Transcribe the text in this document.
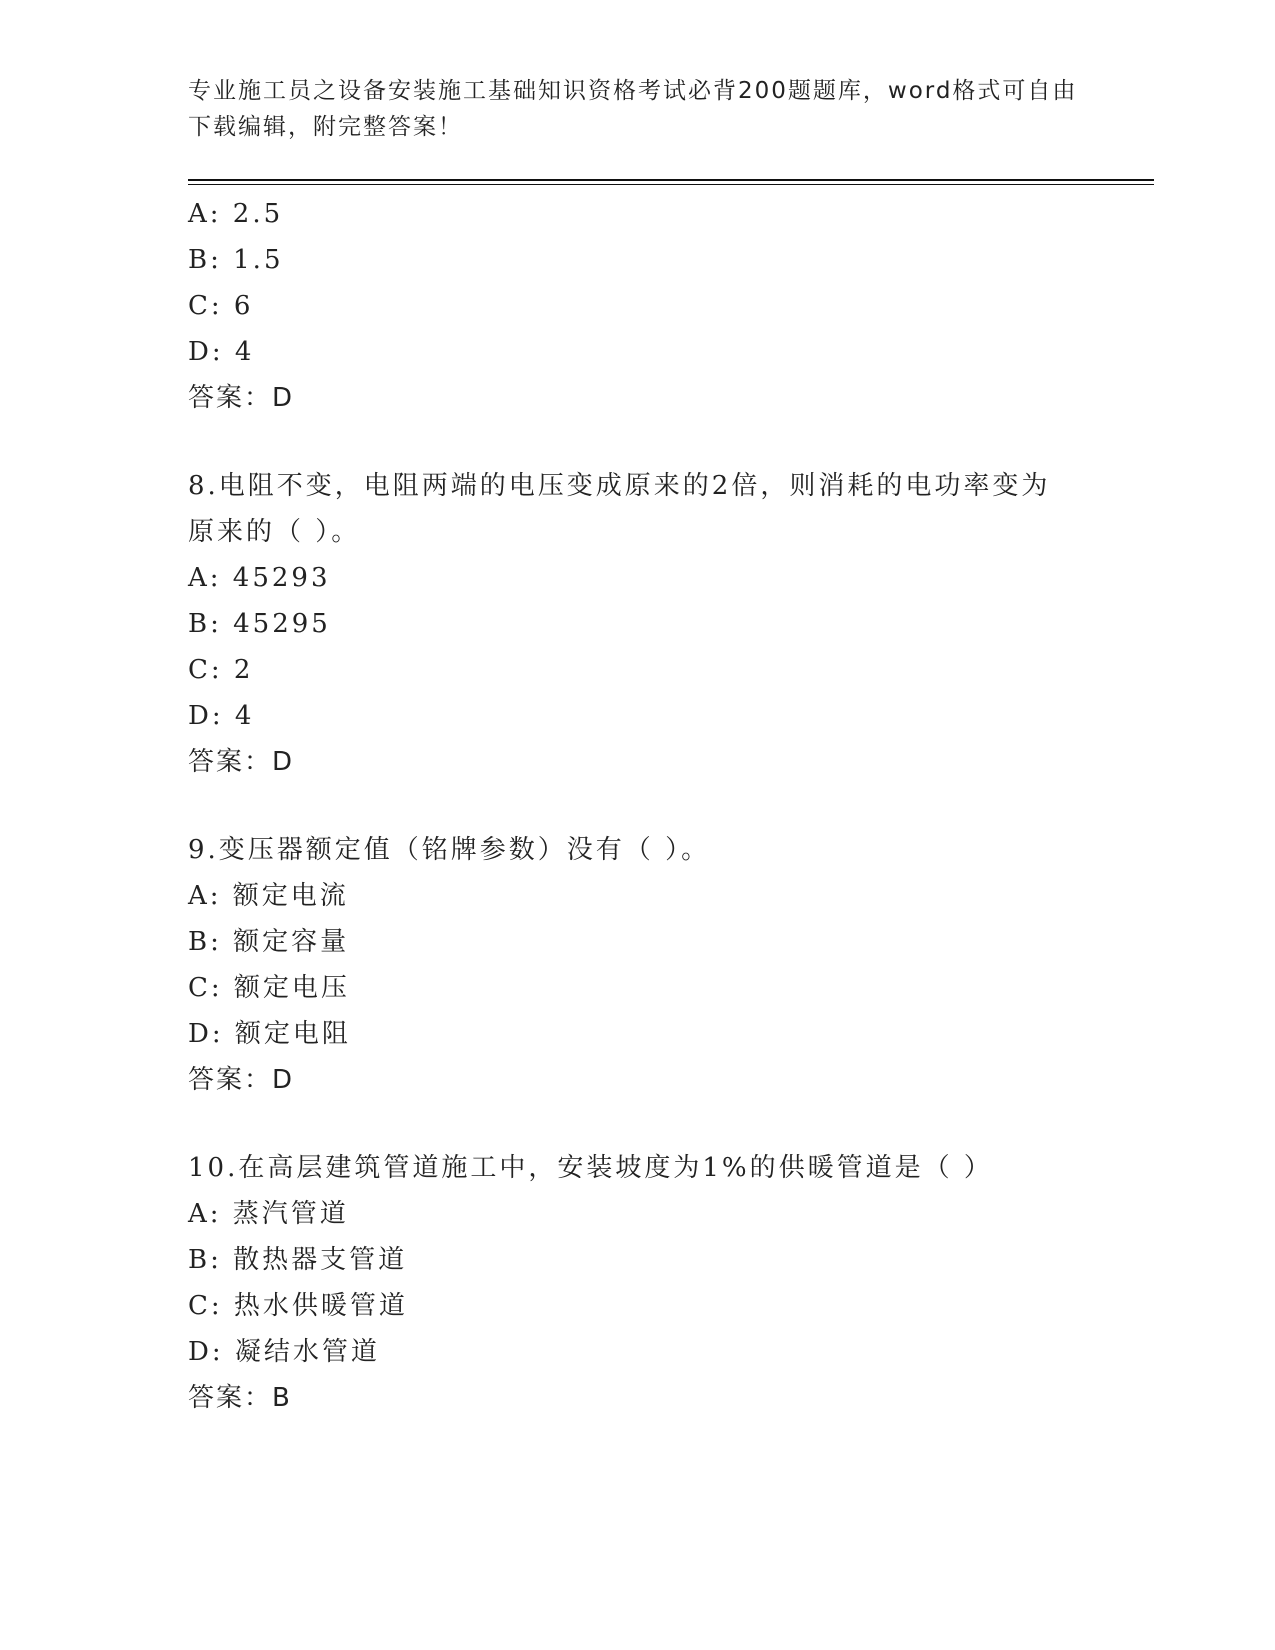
专业施工员之设备安装施工基础知识资格考试必背200题题库，word格式可自由
下载编辑，附完整答案！
A: 2.5
B: 1.5
C: 6
D: 4
答案：D
8.电阻不变，电阻两端的电压变成原来的2倍，则消耗的电功率变为
原来的（ ）。
A: 45293
B: 45295
C: 2
D: 4
答案：D
9.变压器额定值（铭牌参数）没有（ ）。
A: 额定电流
B: 额定容量
C: 额定电压
D: 额定电阻
答案：D
10.在高层建筑管道施工中，安装坡度为1%的供暖管道是（ ）
A: 蒸汽管道
B: 散热器支管道
C: 热水供暖管道
D: 凝结水管道
答案：B
